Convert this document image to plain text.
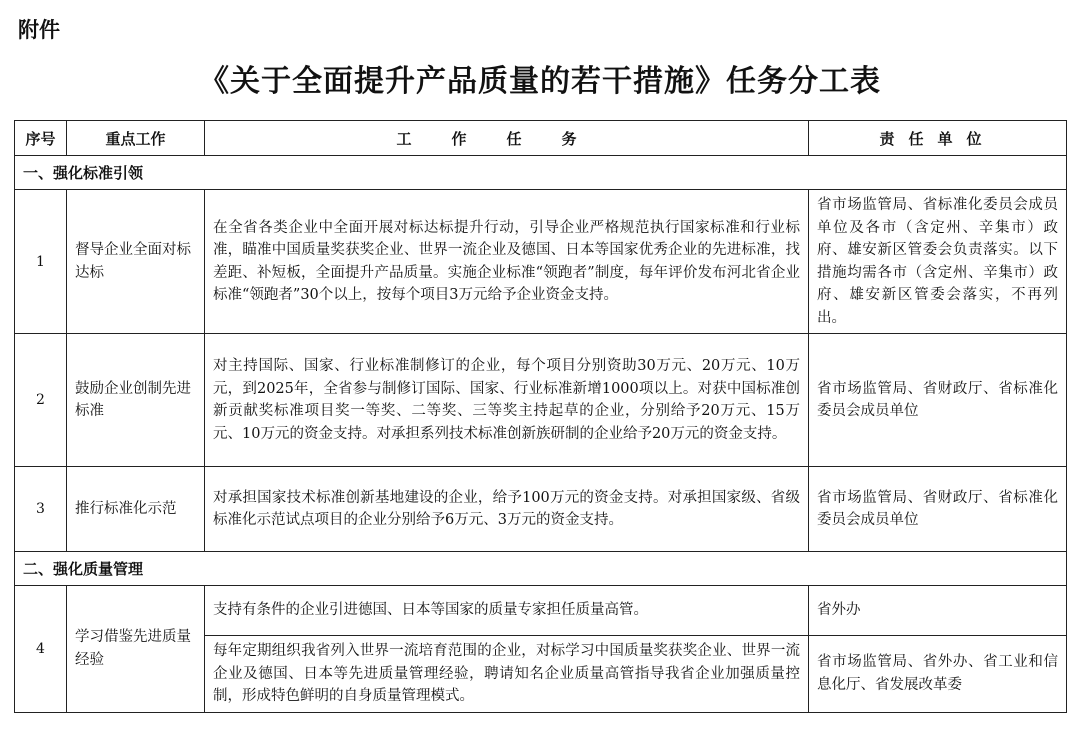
附件
《关于全面提升产品质量的若干措施》任务分工表
序号	重点工作	工作任务	责任单位
一、强化标准引领			
1	督导企业全面对标达标	在全省各类企业中全面开展对标达标提升行动，引导企业严格规范执行国家标准和行业标准，瞄准中国质量奖获奖企业、世界一流企业及德国、日本等国家优秀企业的先进标准，找差距、补短板，全面提升产品质量。实施企业标准“领跑者”制度，每年评价发布河北省企业标准“领跑者”30个以上，按每个项目3万元给予企业资金支持。	省市场监管局、省标准化委员会成员单位及各市（含定州、辛集市）政府、雄安新区管委会负责落实。以下措施均需各市（含定州、辛集市）政府、雄安新区管委会落实，不再列出。
2	鼓励企业创制先进标准	对主持国际、国家、行业标准制修订的企业，每个项目分别资助30万元、20万元、10万元，到2025年，全省参与制修订国际、国家、行业标准新增1000项以上。对获中国标准创新贡献奖标准项目奖一等奖、二等奖、三等奖主持起草的企业，分别给予20万元、15万元、10万元的资金支持。对承担系列技术标准创新族研制的企业给予20万元的资金支持。	省市场监管局、省财政厅、省标准化委员会成员单位
3	推行标准化示范	对承担国家技术标准创新基地建设的企业，给予100万元的资金支持。对承担国家级、省级标准化示范试点项目的企业分别给予6万元、3万元的资金支持。	省市场监管局、省财政厅、省标准化委员会成员单位
二、强化质量管理			
4	学习借鉴先进质量经验	支持有条件的企业引进德国、日本等国家的质量专家担任质量高管。	省外办
		每年定期组织我省列入世界一流培育范围的企业，对标学习中国质量奖获奖企业、世界一流企业及德国、日本等先进质量管理经验，聘请知名企业质量高管指导我省企业加强质量控制，形成特色鲜明的自身质量管理模式。	省市场监管局、省外办、省工业和信息化厅、省发展改革委
